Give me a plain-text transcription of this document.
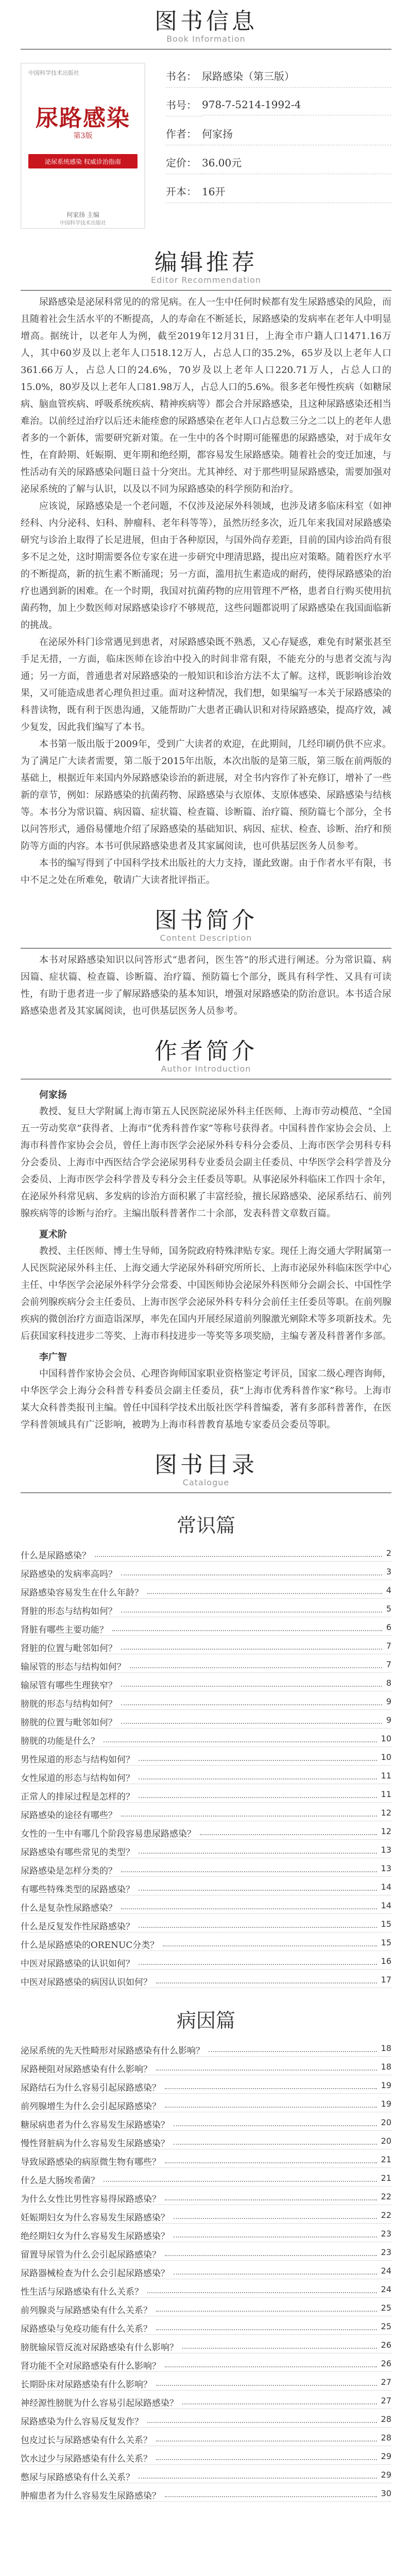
图书信息
Book Information
中国科学技术出版社
尿路感染
第3版
泌尿系统感染 权威诊治指南
何家扬 主编
中国科学技术出版社
书名： 尿路感染（第三版）
书号： 978-7-5214-1992-4
作者： 何家扬
定价： 36.00元
开本： 16开
编辑推荐
Editor Recommendation

尿路感染是泌尿科常见的的常见病。在人一生中任何时候都有发生尿路感染的风险，而且随着社会生活水平的不断提高，人的寿命在不断延长，尿路感染的发病率在老年人中明显增高。据统计，以老年人为例，截至2019年12月31日，上海全市户籍人口1471.16万人，其中60岁及以上老年人口518.12万人，占总人口的35.2%，65岁及以上老年人口361.66万人，占总人口的24.6%，70岁及以上老年人口220.71万人，占总人口的15.0%，80岁及以上老年人口81.98万人，占总人口的5.6%。很多老年慢性疾病（如糖尿病、脑血管疾病、呼吸系统疾病、精神疾病等）都会合并尿路感染，且这种尿路感染还相当难治。以前经过治疗以后还未能痊愈的尿路感染在老年人口占总数三分之二以上的老年人患者多的一个新体，需要研究新对策。在一生中的各个时期可能罹患的尿路感染，对于成年女性，在育龄期、妊娠期、更年期和绝经期，都容易发生尿路感染。随着社会的变迁加速，与性活动有关的尿路感染问题日益十分突出。尤其神经、对于那些明显尿路感染，需要加强对泌尿系统的了解与认识，以及以不同为尿路感染的科学预防和治疗。

应该说，尿路感染是一个老问题，不仅涉及泌尿外科领域，也涉及诸多临床科室（如神经科、内分泌科、妇科、肿瘤科、老年科等等），虽然历经多次，近几年来我国对尿路感染研究与诊治上取得了长足进展，但由于各种原因，与国外尚存差距，目前的国内诊治尚有很多不足之处，这时期需要各位专家在进一步研究中理清思路，提出应对策略。随着医疗水平的不断提高，新的抗生素不断涌现；另一方面，滥用抗生素造成的耐药，使得尿路感染的治疗也遇到新的困难。在一个时期，我国对抗菌药物的应用管理不严格，患者自行购买使用抗菌药物，加上少数医师对尿路感染诊疗不够规范，这些问题都说明了尿路感染在我国面临新的挑战。

在泌尿外科门诊常遇见到患者，对尿路感染既不熟悉，又心存疑惑，难免有时紧张甚至手足无措，一方面，临床医师在诊治中投入的时间非常有限，不能充分的与患者交流与沟通；另一方面，普通患者对尿路感染的一般知识和诊治方法不太了解。这样，既影响诊治效果，又可能造成患者心理负担过重。面对这种情况，我们想，如果编写一本关于尿路感染的科普读物，既有利于医患沟通，又能帮助广大患者正确认识和对待尿路感染，提高疗效，减少复发，因此我们编写了本书。

本书第一版出版于2009年，受到广大读者的欢迎，在此期间，几经印刷仍供不应求。为了满足广大读者需要，第二版于2015年出版，本次出版的是第三版，第三版在前两版的基础上，根据近年来国内外尿路感染诊治的新进展，对全书内容作了补充修订，增补了一些新的章节，例如：尿路感染的抗菌药物、尿路感染与衣原体、支原体感染、尿路感染与结核等。本书分为常识篇、病因篇、症状篇、检查篇、诊断篇、治疗篇、预防篇七个部分，全书以问答形式，通俗易懂地介绍了尿路感染的基础知识、病因、症状、检查、诊断、治疗和预防等方面的内容。本书可供尿路感染患者及其家属阅读，也可供基层医务人员参考。

本书的编写得到了中国科学技术出版社的大力支持，谨此致谢。由于作者水平有限，书中不足之处在所难免，敬请广大读者批评指正。

图书简介
Content Description

本书对尿路感染知识以问答形式“患者问，医生答”的形式进行阐述。分为常识篇、病因篇、症状篇、检查篇、诊断篇、治疗篇、预防篇七个部分，既具有科学性、又具有可读性，有助于患者进一步了解尿路感染的基本知识，增强对尿路感染的防治意识。本书适合尿路感染患者及其家属阅读，也可供基层医务人员参考。

作者简介
Author Introduction
何家扬

教授、复旦大学附属上海市第五人民医院泌尿外科主任医师、上海市劳动模范、“全国五一劳动奖章”获得者、上海市“优秀科普作家”等称号获得者。中国科普作家协会会员、上海市科普作家协会会员，曾任上海市医学会泌尿外科专科分会委员、上海市医学会男科专科分会委员、上海市中西医结合学会泌尿男科专业委员会副主任委员、中华医学会科学普及分会委员、上海市医学会科学普及专科分会主任委员等职。从事泌尿外科临床工作四十余年，在泌尿外科常见病、多发病的诊治方面积累了丰富经验，擅长尿路感染、泌尿系结石、前列腺疾病等的诊断与治疗。主编出版科普著作二十余部，发表科普文章数百篇。

夏术阶

教授、主任医师、博士生导师，国务院政府特殊津贴专家。现任上海交通大学附属第一人民医院泌尿外科主任、上海交通大学泌尿外科研究所所长、上海市泌尿外科临床医学中心主任、中华医学会泌尿外科学分会常委、中国医师协会泌尿外科医师分会副会长、中国性学会前列腺疾病分会主任委员、上海市医学会泌尿外科专科分会前任主任委员等职。在前列腺疾病的微创治疗方面造诣深厚，率先在国内开展经尿道前列腺激光剜除术等多项新技术。先后获国家科技进步二等奖、上海市科技进步一等奖等多项奖励，主编专著及科普著作多部。

李广智

中国科普作家协会会员、心理咨询师国家职业资格鉴定考评员，国家二级心理咨询师，中华医学会上海分会科普专科委员会副主任委员，获“上海市优秀科普作家”称号。上海市某大众科普类报刊主编。曾任中国科学技术出版社医学科普编委，著有多部科普著作，在医学科普领域具有广泛影响，被聘为上海市科普教育基地专家委员会委员等职。

图书目录
Catalogue
常识篇
什么是尿路感染？	2
尿路感染的发病率高吗？	3
尿路感染容易发生在什么年龄？	4
肾脏的形态与结构如何？	5
肾脏有哪些主要功能？	6
肾脏的位置与毗邻如何？	7
输尿管的形态与结构如何？	7
输尿管有哪些生理狭窄？	8
膀胱的形态与结构如何？	9
膀胱的位置与毗邻如何？	9
膀胱的功能是什么？	10
男性尿道的形态与结构如何？	10
女性尿道的形态与结构如何？	11
正常人的排尿过程是怎样的？	11
尿路感染的途径有哪些？	12
女性的一生中有哪几个阶段容易患尿路感染？	12
尿路感染有哪些常见的类型？	13
尿路感染是怎样分类的？	13
有哪些特殊类型的尿路感染？	14
什么是复杂性尿路感染？	14
什么是反复发作性尿路感染？	15
什么是尿路感染的ORENUC分类？	15
中医对尿路感染的认识如何？	16
中医对尿路感染的病因认识如何？	17
病因篇
泌尿系统的先天性畸形对尿路感染有什么影响？	18
尿路梗阻对尿路感染有什么影响？	18
尿路结石为什么容易引起尿路感染？	19
前列腺增生为什么会引起尿路感染？	19
糖尿病患者为什么容易发生尿路感染？	20
慢性肾脏病为什么容易发生尿路感染？	20
导致尿路感染的病原微生物有哪些？	21
什么是大肠埃希菌？	21
为什么女性比男性容易得尿路感染？	22
妊娠期妇女为什么容易发生尿路感染？	22
绝经期妇女为什么容易发生尿路感染？	23
留置导尿管为什么会引起尿路感染？	23
尿路器械检查为什么会引起尿路感染？	24
性生活与尿路感染有什么关系？	24
前列腺炎与尿路感染有什么关系？	25
尿路感染与免疫功能有什么关系？	25
膀胱输尿管反流对尿路感染有什么影响？	26
肾功能不全对尿路感染有什么影响？	26
长期卧床对尿路感染有什么影响？	27
神经源性膀胱为什么容易引起尿路感染？	27
尿路感染为什么容易反复发作？	28
包皮过长与尿路感染有什么关系？	28
饮水过少与尿路感染有什么关系？	29
憋尿与尿路感染有什么关系？	29
肿瘤患者为什么容易发生尿路感染？	30
